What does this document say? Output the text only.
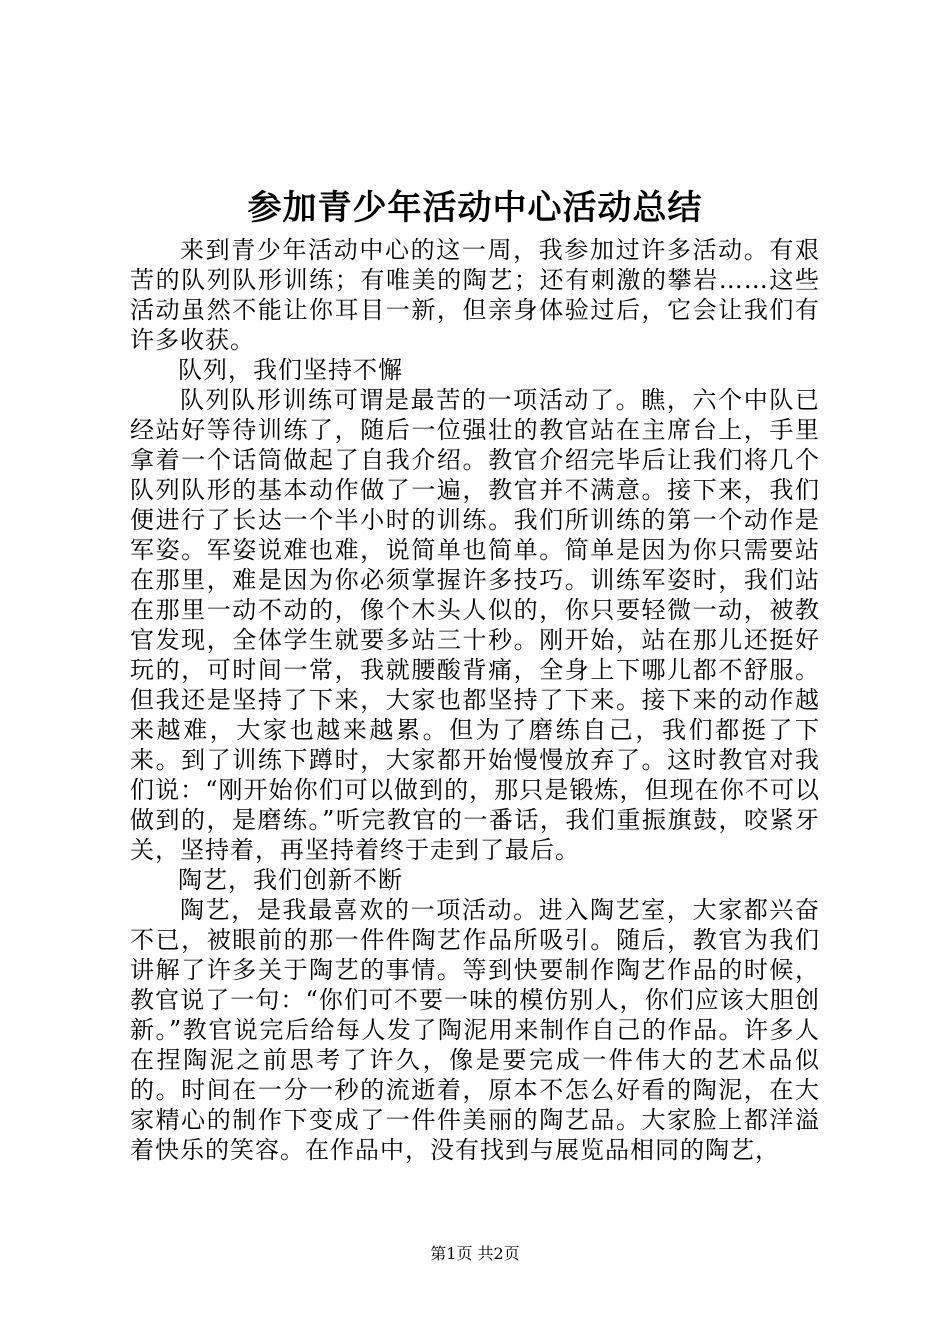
参加青少年活动中心活动总结

来到青少年活动中心的这一周，我参加过许多活动。有艰苦的队列队形训练；有唯美的陶艺；还有刺激的攀岩……这些活动虽然不能让你耳目一新，但亲身体验过后，它会让我们有许多收获。

队列，我们坚持不懈

队列队形训练可谓是最苦的一项活动了。瞧，六个中队已经站好等待训练了，随后一位强壮的教官站在主席台上，手里拿着一个话筒做起了自我介绍。教官介绍完毕后让我们将几个队列队形的基本动作做了一遍，教官并不满意。接下来，我们便进行了长达一个半小时的训练。我们所训练的第一个动作是军姿。军姿说难也难，说简单也简单。简单是因为你只需要站在那里，难是因为你必须掌握许多技巧。训练军姿时，我们站在那里一动不动的，像个木头人似的，你只要轻微一动，被教官发现，全体学生就要多站三十秒。刚开始，站在那儿还挺好玩的，可时间一常，我就腰酸背痛，全身上下哪儿都不舒服。但我还是坚持了下来，大家也都坚持了下来。接下来的动作越来越难，大家也越来越累。但为了磨练自己，我们都挺了下来。到了训练下蹲时，大家都开始慢慢放弃了。这时教官对我们说：“刚开始你们可以做到的，那只是锻炼，但现在你不可以做到的，是磨练。”听完教官的一番话，我们重振旗鼓，咬紧牙关，坚持着，再坚持着终于走到了最后。

陶艺，我们创新不断

陶艺，是我最喜欢的一项活动。进入陶艺室，大家都兴奋不已，被眼前的那一件件陶艺作品所吸引。随后，教官为我们讲解了许多关于陶艺的事情。等到快要制作陶艺作品的时候，教官说了一句：“你们可不要一味的模仿别人，你们应该大胆创新。”教官说完后给每人发了陶泥用来制作自己的作品。许多人在捏陶泥之前思考了许久，像是要完成一件伟大的艺术品似的。时间在一分一秒的流逝着，原本不怎么好看的陶泥，在大家精心的制作下变成了一件件美丽的陶艺品。大家脸上都洋溢着快乐的笑容。在作品中，没有找到与展览品相同的陶艺，

第1页 共2页
